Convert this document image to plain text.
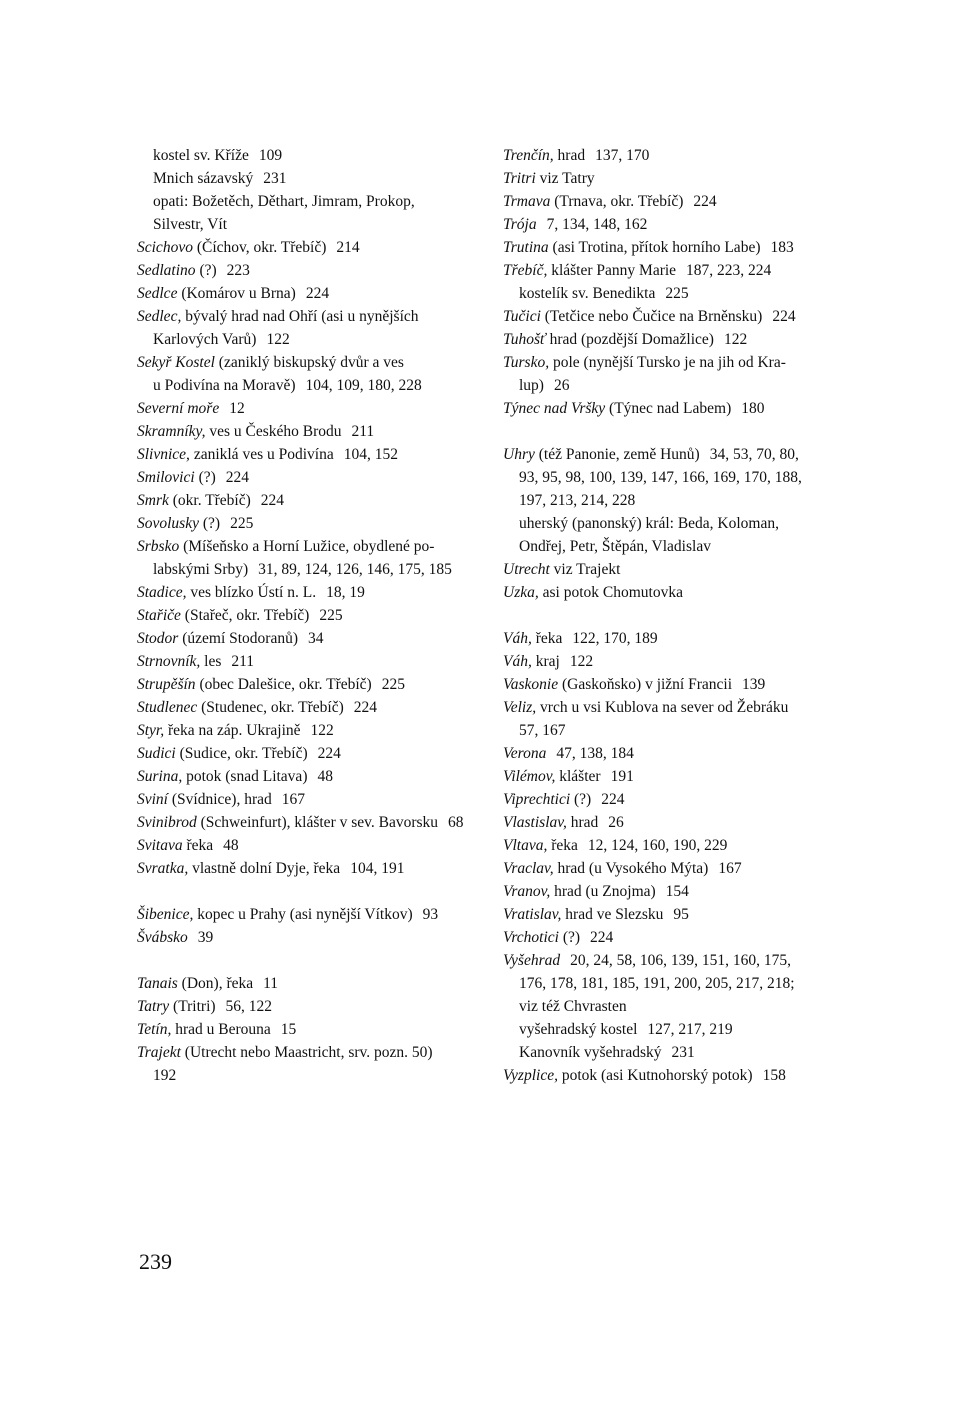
kostel sv. Kříže 109
Mnich sázavský 231
opati: Božetěch, Děthart, Jimram, Prokop,
Silvestr, Vít
Scichovo (Číchov, okr. Třebíč) 214
Sedlatino (?) 223
Sedlce (Komárov u Brna) 224
Sedlec, bývalý hrad nad Ohří (asi u nynějších
Karlových Varů) 122
Sekyř Kostel (zaniklý biskupský dvůr a ves
u Podivína na Moravě) 104, 109, 180, 228
Severní moře 12
Skramníky, ves u Českého Brodu 211
Slivnice, zaniklá ves u Podivína 104, 152
Smilovici (?) 224
Smrk (okr. Třebíč) 224
Sovolusky (?) 225
Srbsko (Míšeňsko a Horní Lužice, obydlené po-
labskými Srby) 31, 89, 124, 126, 146, 175, 185
Stadice, ves blízko Ústí n. L. 18, 19
Stařiče (Stařeč, okr. Třebíč) 225
Stodor (území Stodoranů) 34
Strnovník, les 211
Strupěšín (obec Dalešice, okr. Třebíč) 225
Studlenec (Studenec, okr. Třebíč) 224
Styr, řeka na záp. Ukrajině 122
Sudici (Sudice, okr. Třebíč) 224
Surina, potok (snad Litava) 48
Sviní (Svídnice), hrad 167
Svinibrod (Schweinfurt), klášter v sev. Bavorsku 68
Svitava řeka 48
Svratka, vlastně dolní Dyje, řeka 104, 191
Šibenice, kopec u Prahy (asi nynější Vítkov) 93
Švábsko 39
Tanais (Don), řeka 11
Tatry (Tritri) 56, 122
Tetín, hrad u Berouna 15
Trajekt (Utrecht nebo Maastricht, srv. pozn. 50)
192
Trenčín, hrad 137, 170
Tritri viz Tatry
Trmava (Trnava, okr. Třebíč) 224
Trója 7, 134, 148, 162
Trutina (asi Trotina, přítok horního Labe) 183
Třebíč, klášter Panny Marie 187, 223, 224
kostelík sv. Benedikta 225
Tučici (Tetčice nebo Čučice na Brněnsku) 224
Tuhošť hrad (pozdější Domažlice) 122
Tursko, pole (nynější Tursko je na jih od Kra-
lup) 26
Týnec nad Vršky (Týnec nad Labem) 180
Uhry (též Panonie, země Hunů) 34, 53, 70, 80,
93, 95, 98, 100, 139, 147, 166, 169, 170, 188,
197, 213, 214, 228
uherský (panonský) král: Beda, Koloman,
Ondřej, Petr, Štěpán, Vladislav
Utrecht viz Trajekt
Uzka, asi potok Chomutovka
Váh, řeka 122, 170, 189
Váh, kraj 122
Vaskonie (Gaskoňsko) v jižní Francii 139
Veliz, vrch u vsi Kublova na sever od Žebráku
57, 167
Verona 47, 138, 184
Vilémov, klášter 191
Viprechtici (?) 224
Vlastislav, hrad 26
Vltava, řeka 12, 124, 160, 190, 229
Vraclav, hrad (u Vysokého Mýta) 167
Vranov, hrad (u Znojma) 154
Vratislav, hrad ve Slezsku 95
Vrchotici (?) 224
Vyšehrad 20, 24, 58, 106, 139, 151, 160, 175,
176, 178, 181, 185, 191, 200, 205, 217, 218;
viz též Chvrasten
vyšehradský kostel 127, 217, 219
Kanovník vyšehradský 231
Vyzplice, potok (asi Kutnohorský potok) 158
239
